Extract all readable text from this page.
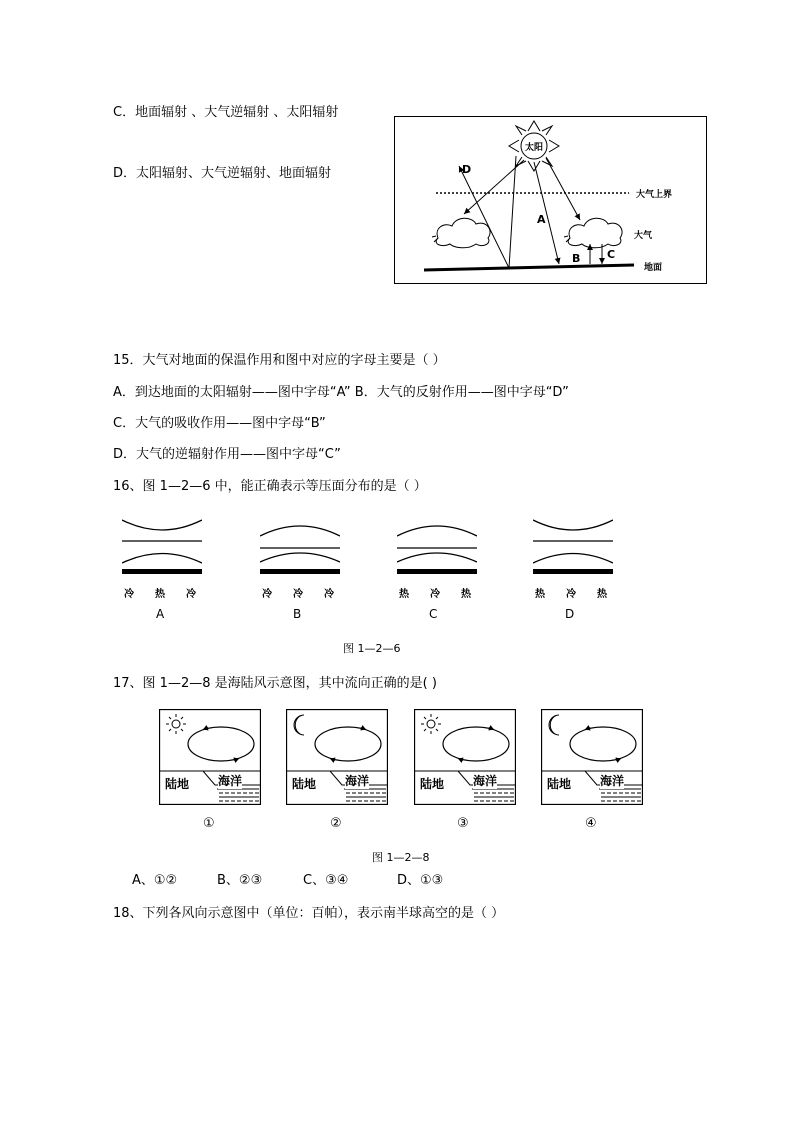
C．地面辐射 、大气逆辐射 、太阳辐射
D．太阳辐射、大气逆辐射、地面辐射
太阳
大气上界
地面
大气
D
A
B C
15．大气对地面的保温作用和图中对应的字母主要是（ ）
A．到达地面的太阳辐射——图中字母“A” B．大气的反射作用——图中字母“D”
C．大气的吸收作用——图中字母“B”
D．大气的逆辐射作用——图中字母“C”
16、图 1—2—6 中，能正确表示等压面分布的是（ ）
冷 热 冷
A
冷 冷 冷
B
热 冷 热
C
热 冷 热
D
图 1—2—6
17、图 1—2—8 是海陆风示意图，其中流向正确的是( )
陆地 海洋
①
陆地 海洋
②
陆地 海洋
③
陆地 海洋
④
图 1—2—8
A、①②	B、②③	C、③④	D、①③
18、下列各风向示意图中（单位：百帕），表示南半球高空的是（ ）
